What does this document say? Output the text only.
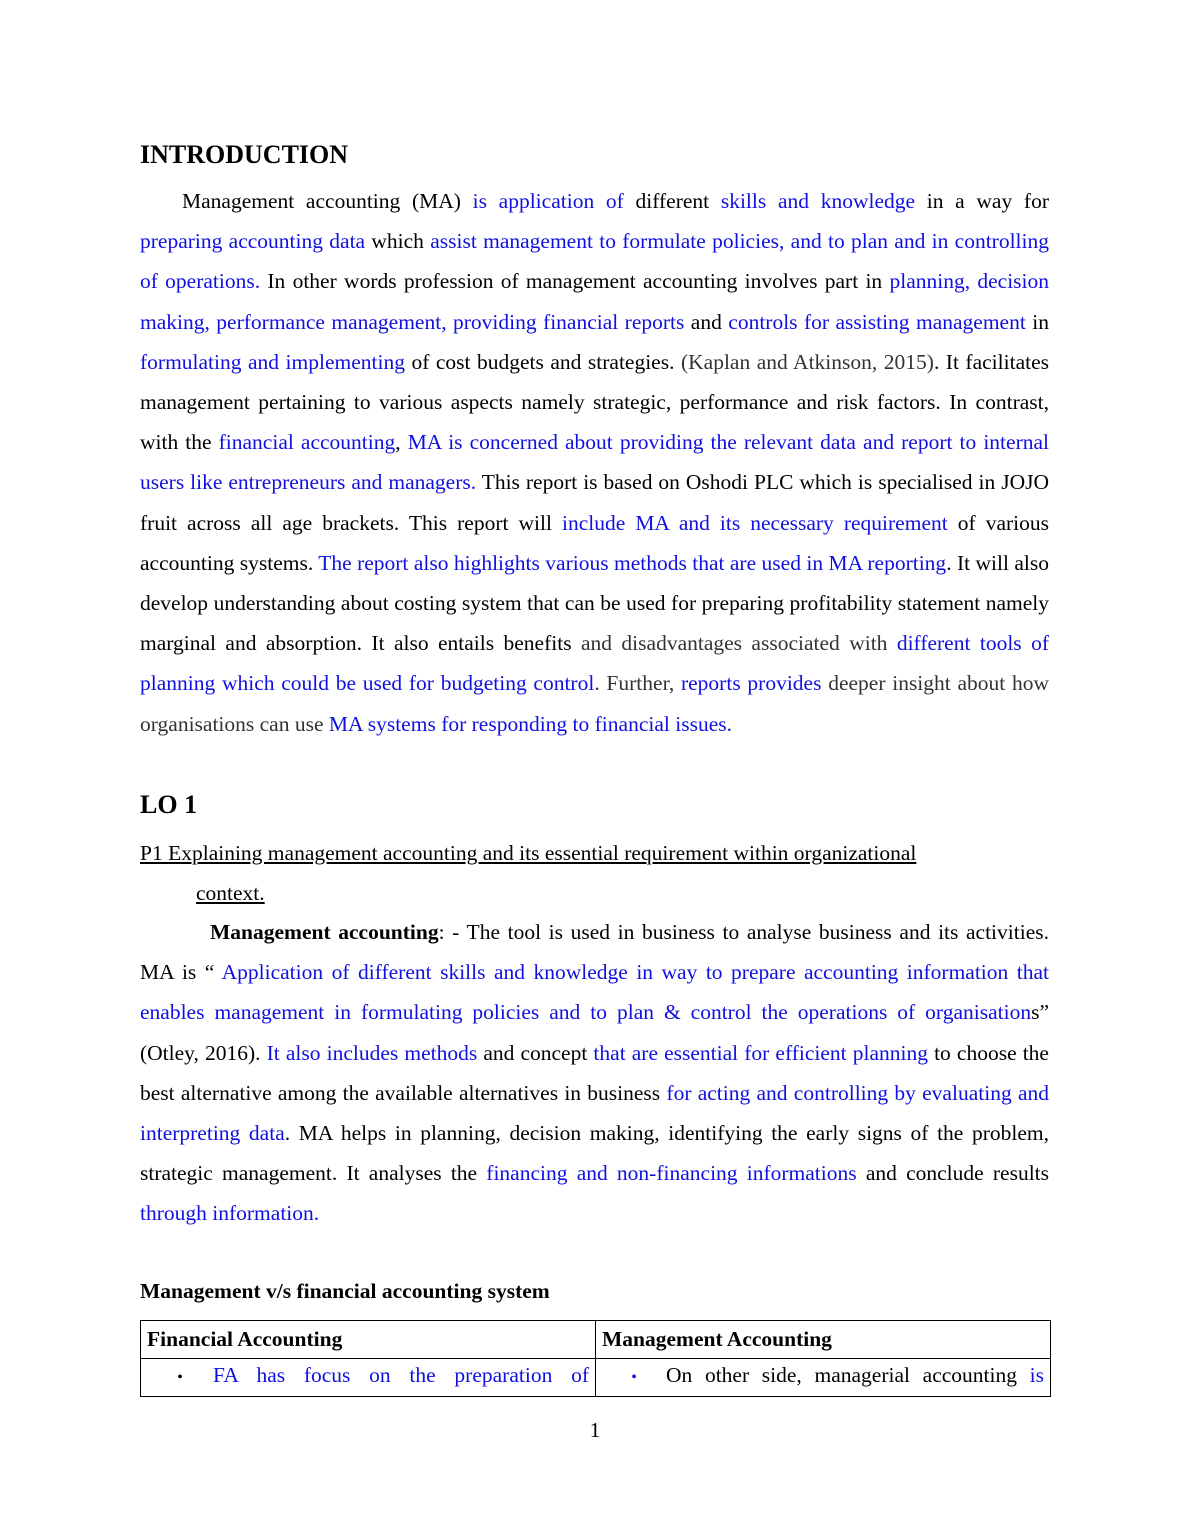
INTRODUCTION

Management accounting (MA) is application of different skills and knowledge in a way for preparing accounting data which assist management to formulate policies, and to plan and in controlling of operations. In other words profession of management accounting involves part in planning, decision making, performance management, providing financial reports and controls for assisting management in formulating and implementing of cost budgets and strategies. (Kaplan and Atkinson, 2015). It facilitates management pertaining to various aspects namely strategic, performance and risk factors. In contrast, with the financial accounting, MA is concerned about providing the relevant data and report to internal users like entrepreneurs and managers. This report is based on Oshodi PLC which is specialised in JOJO fruit across all age brackets. This report will include MA and its necessary requirement of various accounting systems. The report also highlights various methods that are used in MA reporting. It will also develop understanding about costing system that can be used for preparing profitability statement namely marginal and absorption. It also entails benefits and disadvantages associated with different tools of planning which could be used for budgeting control. Further, reports provides deeper insight about how organisations can use MA systems for responding to financial issues.

LO 1

P1 Explaining management accounting and its essential requirement within organizational
context.

Management accounting: - The tool is used in business to analyse business and its activities. MA is “ Application of different skills and knowledge in way to prepare accounting information that enables management in formulating policies and to plan & control the operations of organisations” (Otley, 2016). It also includes methods and concept that are essential for efficient planning to choose the best alternative among the available alternatives in business for acting and controlling by evaluating and interpreting data. MA helps in planning, decision making, identifying the early signs of the problem, strategic management. It analyses the financing and non-financing informations and conclude results through information.

Management v/s financial accounting system

Financial Accounting	Management Accounting

• FA has focus on the preparation of	• On other side, managerial accounting is
1
